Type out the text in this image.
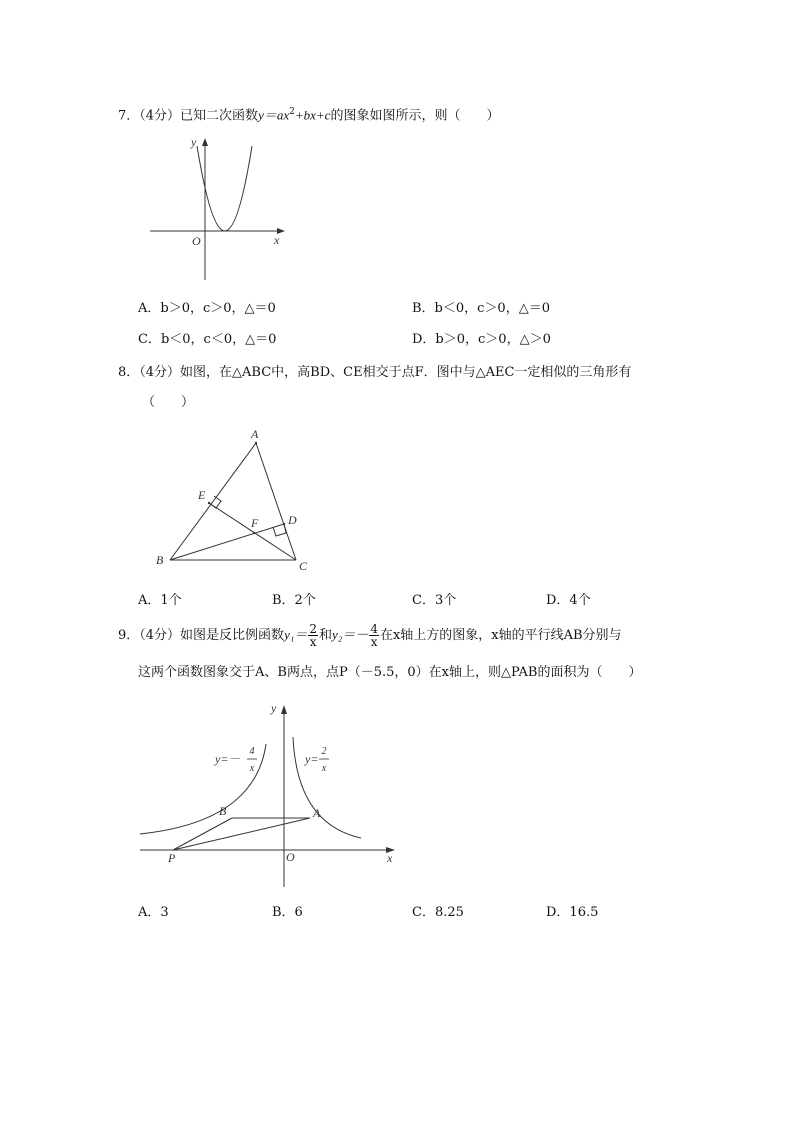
7．（4分）已知二次函数$y=ax^2+bx+c$的图象如图所示，则（　　）
y
x
O
A．b＞0，c＞0，△＝0	B．b＜0，c＞0，△＝0
C．b＜0，c＜0，△＝0	D．b＞0，c＞0，△＞0
8．（4分）如图，在△ABC中，高BD、CE相交于点F．图中与△AEC一定相似的三角形有
（　　）
A
E
F D
B	C
A．1个	B．2个	C．3个	D．4个
9．（4分）如图是反比例函数$y_1= \frac{2}{x}$ 和$y_2=- \frac{4}{x}$ 在x轴上方的图象，x轴的平行线AB分别与
这两个函数图象交于A、B两点，点P（－5.5，0）在x轴上，则△PAB的面积为（　　）
y
x
O
B	A
P
y=－
4
x
y=
2
x
A．3	B．6	C．8.25	D．16.5
